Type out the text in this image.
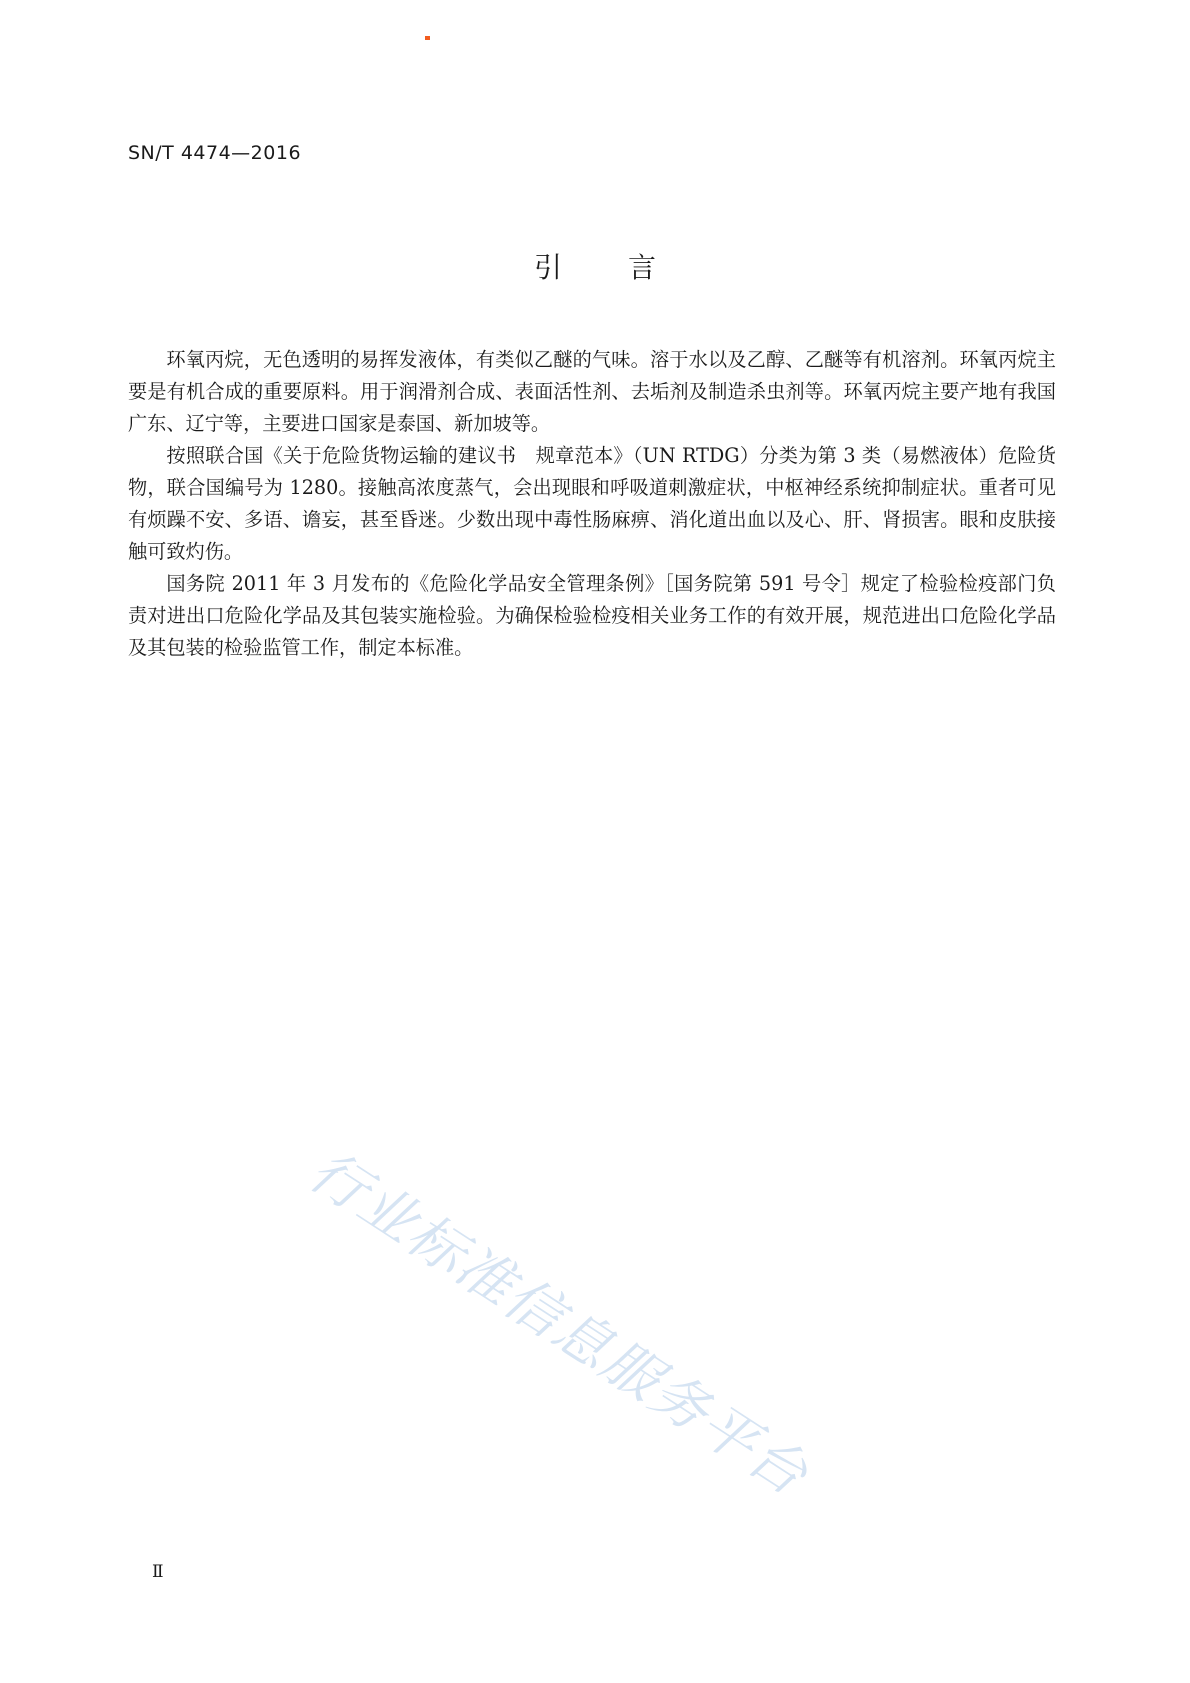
SN/T 4474—2016
引 言

环氧丙烷，无色透明的易挥发液体，有类似乙醚的气味。溶于水以及乙醇、乙醚等有机溶剂。环氧丙烷主要是有机合成的重要原料。用于润滑剂合成、表面活性剂、去垢剂及制造杀虫剂等。环氧丙烷主要产地有我国广东、辽宁等，主要进口国家是泰国、新加坡等。

按照联合国《关于危险货物运输的建议书　规章范本》（UN RTDG）分类为第 3 类（易燃液体）危险货物，联合国编号为 1280。接触高浓度蒸气，会出现眼和呼吸道刺激症状，中枢神经系统抑制症状。重者可见有烦躁不安、多语、谵妄，甚至昏迷。少数出现中毒性肠麻痹、消化道出血以及心、肝、肾损害。眼和皮肤接触可致灼伤。

国务院 2011 年 3 月发布的《危险化学品安全管理条例》［国务院第 591 号令］规定了检验检疫部门负责对进出口危险化学品及其包装实施检验。为确保检验检疫相关业务工作的有效开展，规范进出口危险化学品及其包装的检验监管工作，制定本标准。

行业标准信息服务平台
Ⅱ
